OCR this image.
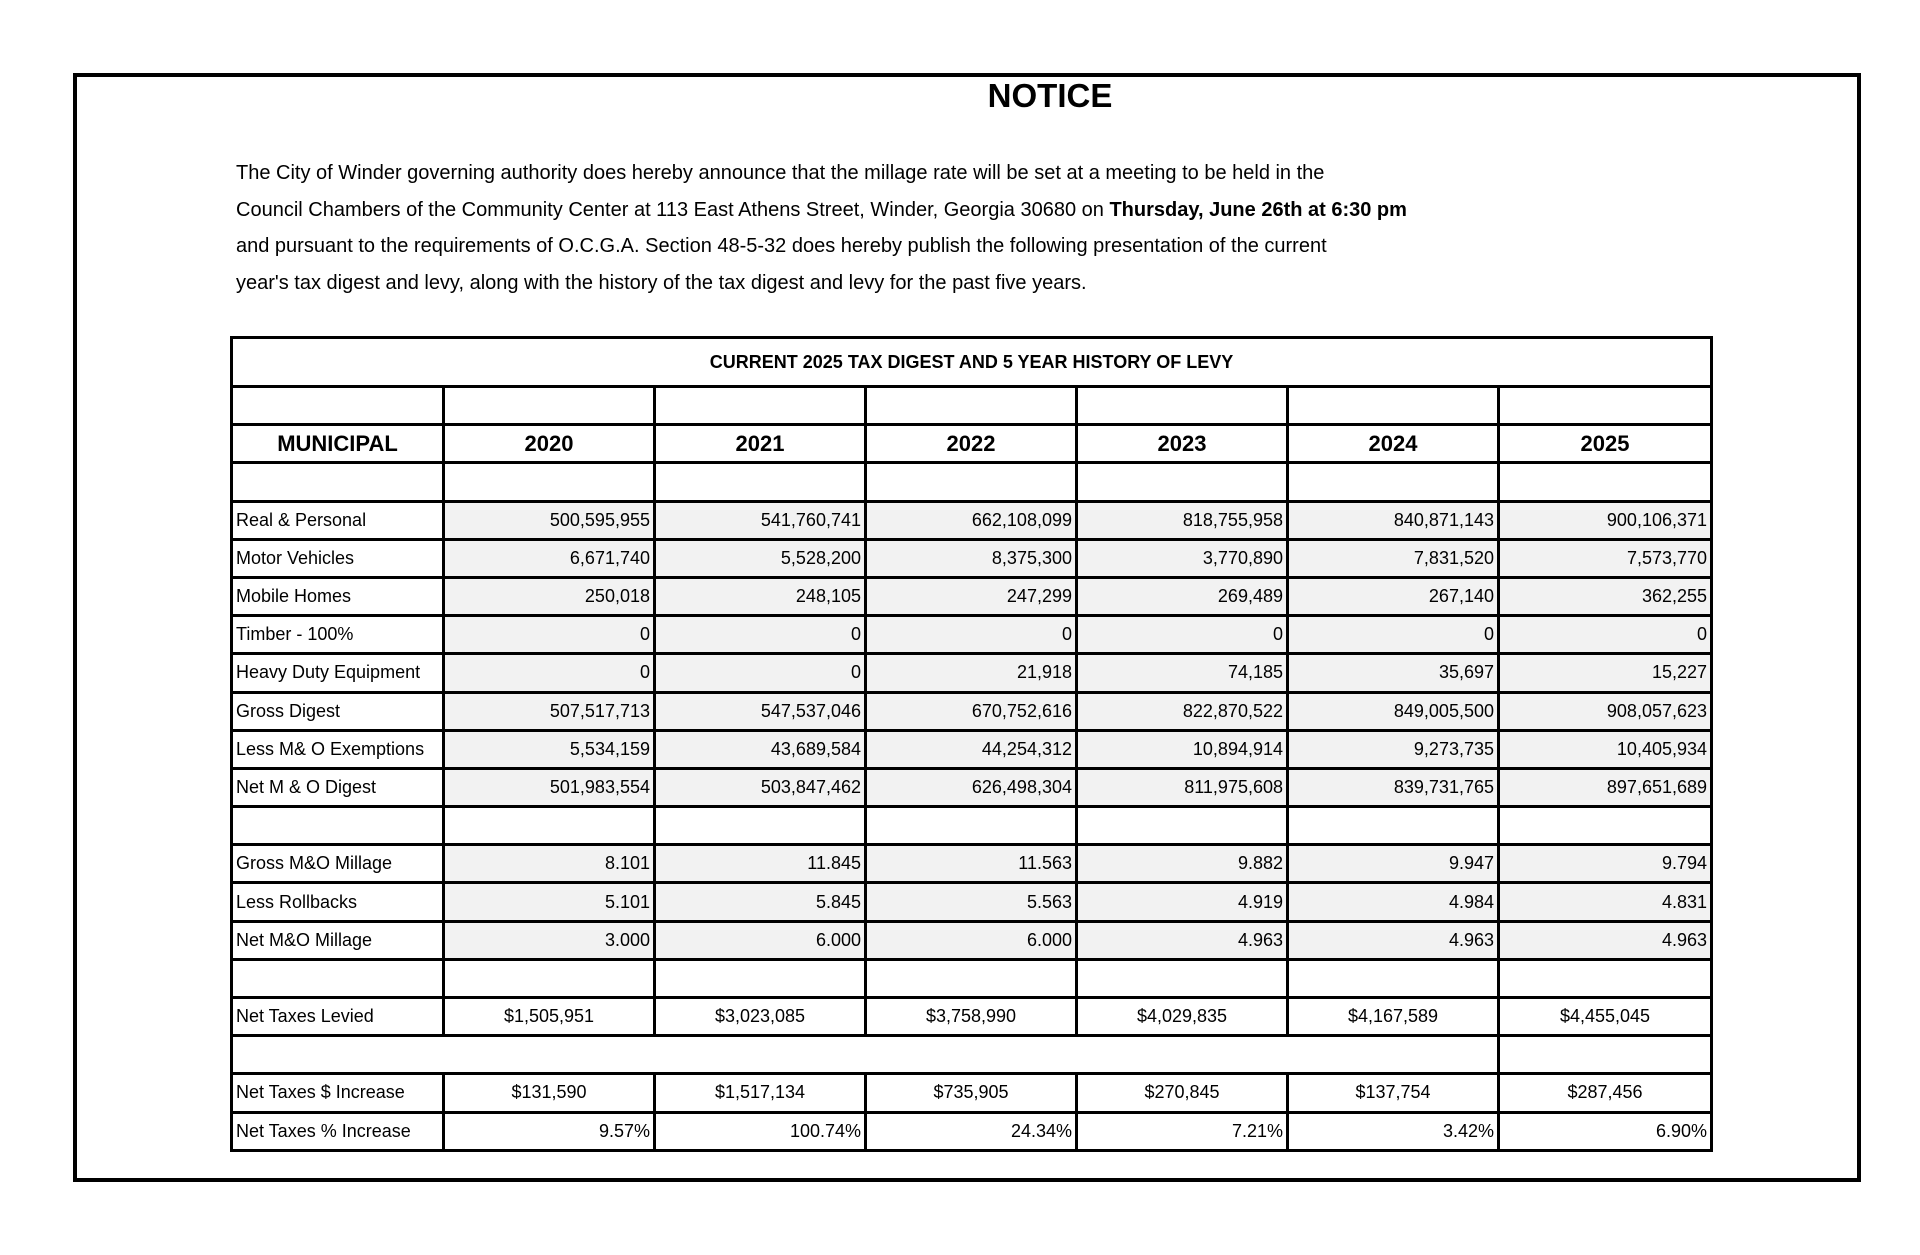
NOTICE
The City of Winder governing authority does hereby announce that the millage rate will be set at a meeting to be held in the
Council Chambers of the Community Center at 113 East Athens Street, Winder, Georgia 30680 on Thursday, June 26th at 6:30 pm
and pursuant to the requirements of O.C.G.A. Section 48-5-32 does hereby publish the following presentation of the current
year's tax digest and levy, along with the history of the tax digest and levy for the past five years.
CURRENT 2025 TAX DIGEST AND 5 YEAR HISTORY OF LEVY						

MUNICIPAL	2020	2021	2022	2023	2024	2025

Real & Personal	500,595,955	541,760,741	662,108,099	818,755,958	840,871,143	900,106,371
Motor Vehicles	6,671,740	5,528,200	8,375,300	3,770,890	7,831,520	7,573,770
Mobile Homes	250,018	248,105	247,299	269,489	267,140	362,255
Timber - 100%	0	0	0	0	0	0
Heavy Duty Equipment	0	0	21,918	74,185	35,697	15,227
Gross Digest	507,517,713	547,537,046	670,752,616	822,870,522	849,005,500	908,057,623
Less M& O Exemptions	5,534,159	43,689,584	44,254,312	10,894,914	9,273,735	10,405,934
Net M & O Digest	501,983,554	503,847,462	626,498,304	811,975,608	839,731,765	897,651,689

Gross M&O Millage	8.101	11.845	11.563	9.882	9.947	9.794
Less Rollbacks	5.101	5.845	5.563	4.919	4.984	4.831
Net M&O Millage	3.000	6.000	6.000	4.963	4.963	4.963

Net Taxes Levied	$1,505,951	$3,023,085	$3,758,990	$4,029,835	$4,167,589	$4,455,045

Net Taxes $ Increase	$131,590	$1,517,134	$735,905	$270,845	$137,754	$287,456
Net Taxes % Increase	9.57%	100.74%	24.34%	7.21%	3.42%	6.90%
